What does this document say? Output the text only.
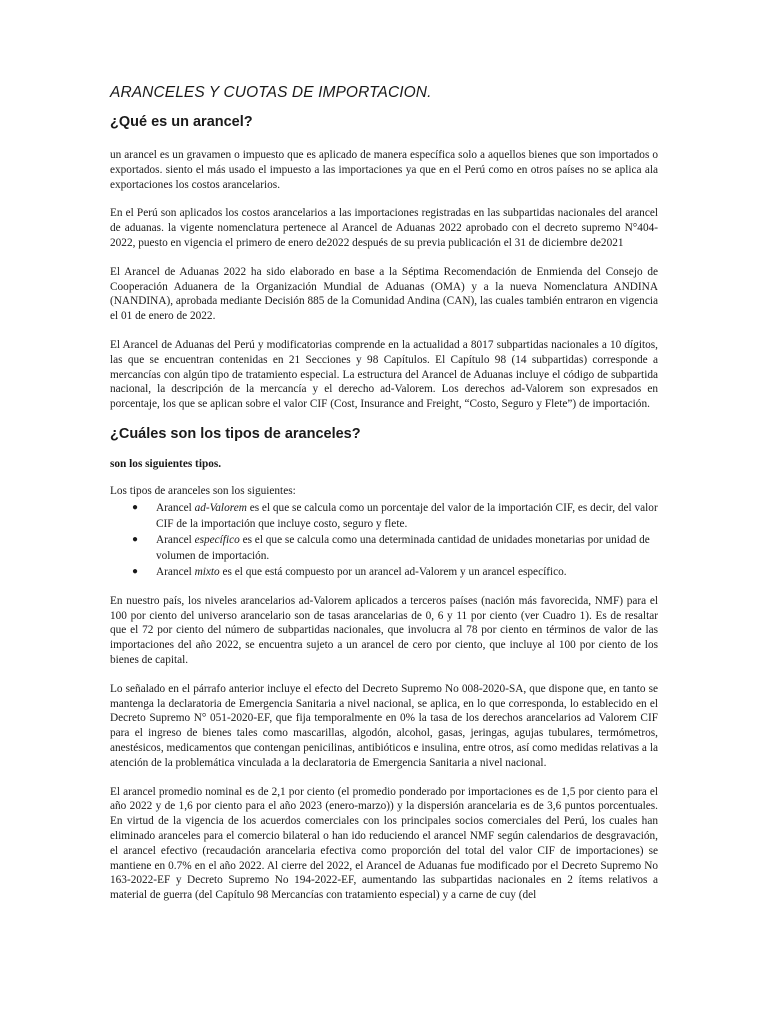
ARANCELES Y CUOTAS DE IMPORTACION.
¿Qué es un arancel?

un arancel es un gravamen o impuesto que es aplicado de manera específica solo a aquellos bienes que son importados o exportados. siento el más usado el impuesto a las importaciones ya que en el Perú como en otros países no se aplica ala exportaciones los costos arancelarios.

En el Perú son aplicados los costos arancelarios a las importaciones registradas en las subpartidas nacionales del arancel de aduanas. la vigente nomenclatura pertenece al Arancel de Aduanas 2022 aprobado con el decreto supremo N°404-2022, puesto en vigencia el primero de enero de2022 después de su previa publicación el 31 de diciembre de2021

El Arancel de Aduanas 2022 ha sido elaborado en base a la Séptima Recomendación de Enmienda del Consejo de Cooperación Aduanera de la Organización Mundial de Aduanas (OMA) y a la nueva Nomenclatura ANDINA (NANDINA), aprobada mediante Decisión 885 de la Comunidad Andina (CAN), las cuales también entraron en vigencia el 01 de enero de 2022.

El Arancel de Aduanas del Perú y modificatorias comprende en la actualidad a 8017 subpartidas nacionales a 10 dígitos, las que se encuentran contenidas en 21 Secciones y 98 Capítulos. El Capítulo 98 (14 subpartidas) corresponde a mercancías con algún tipo de tratamiento especial. La estructura del Arancel de Aduanas incluye el código de subpartida nacional, la descripción de la mercancía y el derecho ad-Valorem. Los derechos ad-Valorem son expresados en porcentaje, los que se aplican sobre el valor CIF (Cost, Insurance and Freight, “Costo, Seguro y Flete”) de importación.

¿Cuáles son los tipos de aranceles?
son los siguientes tipos.

Los tipos de aranceles son los siguientes:

● Arancel ad-Valorem es el que se calcula como un porcentaje del valor de la importación CIF, es decir, del valor CIF de la importación que incluye costo, seguro y flete.
● Arancel específico es el que se calcula como una determinada cantidad de unidades monetarias por unidad de volumen de importación.
● Arancel mixto es el que está compuesto por un arancel ad-Valorem y un arancel específico.

En nuestro país, los niveles arancelarios ad-Valorem aplicados a terceros países (nación más favorecida, NMF) para el 100 por ciento del universo arancelario son de tasas arancelarias de 0, 6 y 11 por ciento (ver Cuadro 1). Es de resaltar que el 72 por ciento del número de subpartidas nacionales, que involucra al 78 por ciento en términos de valor de las importaciones del año 2022, se encuentra sujeto a un arancel de cero por ciento, que incluye al 100 por ciento de los bienes de capital.

Lo señalado en el párrafo anterior incluye el efecto del Decreto Supremo No 008-2020-SA, que dispone que, en tanto se mantenga la declaratoria de Emergencia Sanitaria a nivel nacional, se aplica, en lo que corresponda, lo establecido en el Decreto Supremo N° 051-2020-EF, que fija temporalmente en 0% la tasa de los derechos arancelarios ad Valorem CIF para el ingreso de bienes tales como mascarillas, algodón, alcohol, gasas, jeringas, agujas tubulares, termómetros, anestésicos, medicamentos que contengan penicilinas, antibióticos e insulina, entre otros, así como medidas relativas a la atención de la problemática vinculada a la declaratoria de Emergencia Sanitaria a nivel nacional.

El arancel promedio nominal es de 2,1 por ciento (el promedio ponderado por importaciones es de 1,5 por ciento para el año 2022 y de 1,6 por ciento para el año 2023 (enero-marzo)) y la dispersión arancelaria es de 3,6 puntos porcentuales. En virtud de la vigencia de los acuerdos comerciales con los principales socios comerciales del Perú, los cuales han eliminado aranceles para el comercio bilateral o han ido reduciendo el arancel NMF según calendarios de desgravación, el arancel efectivo (recaudación arancelaria efectiva como proporción del total del valor CIF de importaciones) se mantiene en 0.7% en el año 2022. Al cierre del 2022, el Arancel de Aduanas fue modificado por el Decreto Supremo No 163-2022-EF y Decreto Supremo No 194-2022-EF, aumentando las subpartidas nacionales en 2 ítems relativos a material de guerra (del Capítulo 98 Mercancías con tratamiento especial) y a carne de cuy (del
